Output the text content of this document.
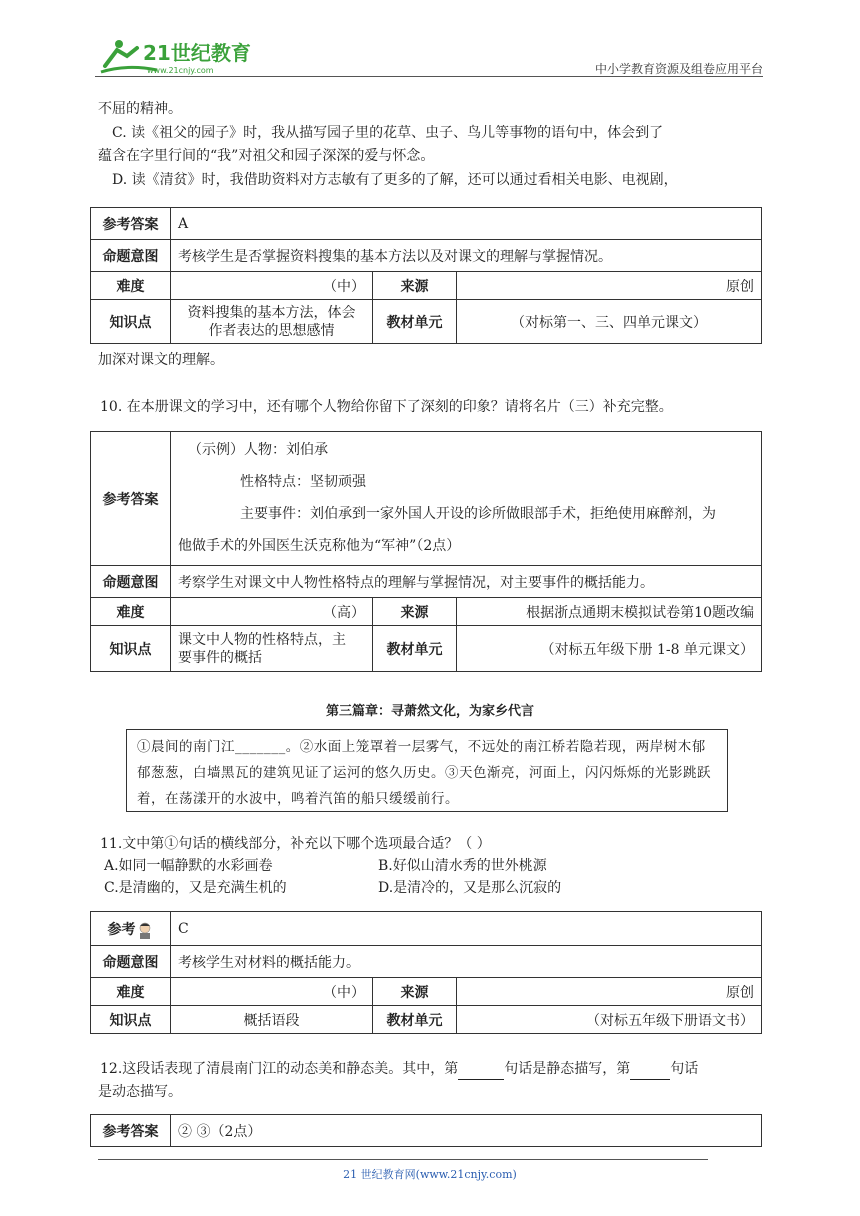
21世纪教育
www.21cnjy.com	中小学教育资源及组卷应用平台

不屈的精神。

C. 读《祖父的园子》时，我从描写园子里的花草、虫子、鸟儿等事物的语句中，体会到了

蕴含在字里行间的“我”对祖父和园子深深的爱与怀念。

D. 读《清贫》时，我借助资料对方志敏有了更多的了解，还可以通过看相关电影、电视剧，

参考答案	A		
命题意图	考核学生是否掌握资料搜集的基本方法以及对课文的理解与掌握情况。		
难度	（中）	来源	原创
知识点	资料搜集的基本方法，体会
作者表达的思想感情	教材单元	（对标第一、三、四单元课文）

加深对课文的理解。

10. 在本册课文的学习中，还有哪个人物给你留下了深刻的印象？请将名片（三）补充完整。

参考答案	（示例）人物：刘伯承
性格特点：坚韧顽强
主要事件：刘伯承到一家外国人开设的诊所做眼部手术，拒绝使用麻醉剂，为
他做手术的外国医生沃克称他为“军神”（2点）		

命题意图	考察学生对课文中人物性格特点的理解与掌握情况，对主要事件的概括能力。		
难度	（高）	来源	根据浙点通期末模拟试卷第10题改编
知识点	课文中人物的性格特点，主
要事件的概括	教材单元	（对标五年级下册 1-8 单元课文）
第三篇章：寻萧然文化，为家乡代言

①晨间的南门江_______。②水面上笼罩着一层雾气，不远处的南江桥若隐若现，两岸树木郁郁葱葱，白墙黑瓦的建筑见证了运河的悠久历史。③天色渐亮，河面上，闪闪烁烁的光影跳跃着，在荡漾开的水波中，鸣着汽笛的船只缓缓前行。

11.文中第①句话的横线部分，补充以下哪个选项最合适？（ ）

A.如同一幅静默的水彩画卷	B.好似山清水秀的世外桃源

C.是清幽的，又是充满生机的	D.是清冷的，又是那么沉寂的

参考	C		
命题意图	考核学生对材料的概括能力。		
难度	（中）	来源	原创
知识点	概括语段	教材单元	（对标五年级下册语文书）

12.这段话表现了清晨南门江的动态美和静态美。其中，第	句话是静态描写，第	句话

是动态描写。

参考答案	② ③（2点）
21 世纪教育网(www.21cnjy.com)
